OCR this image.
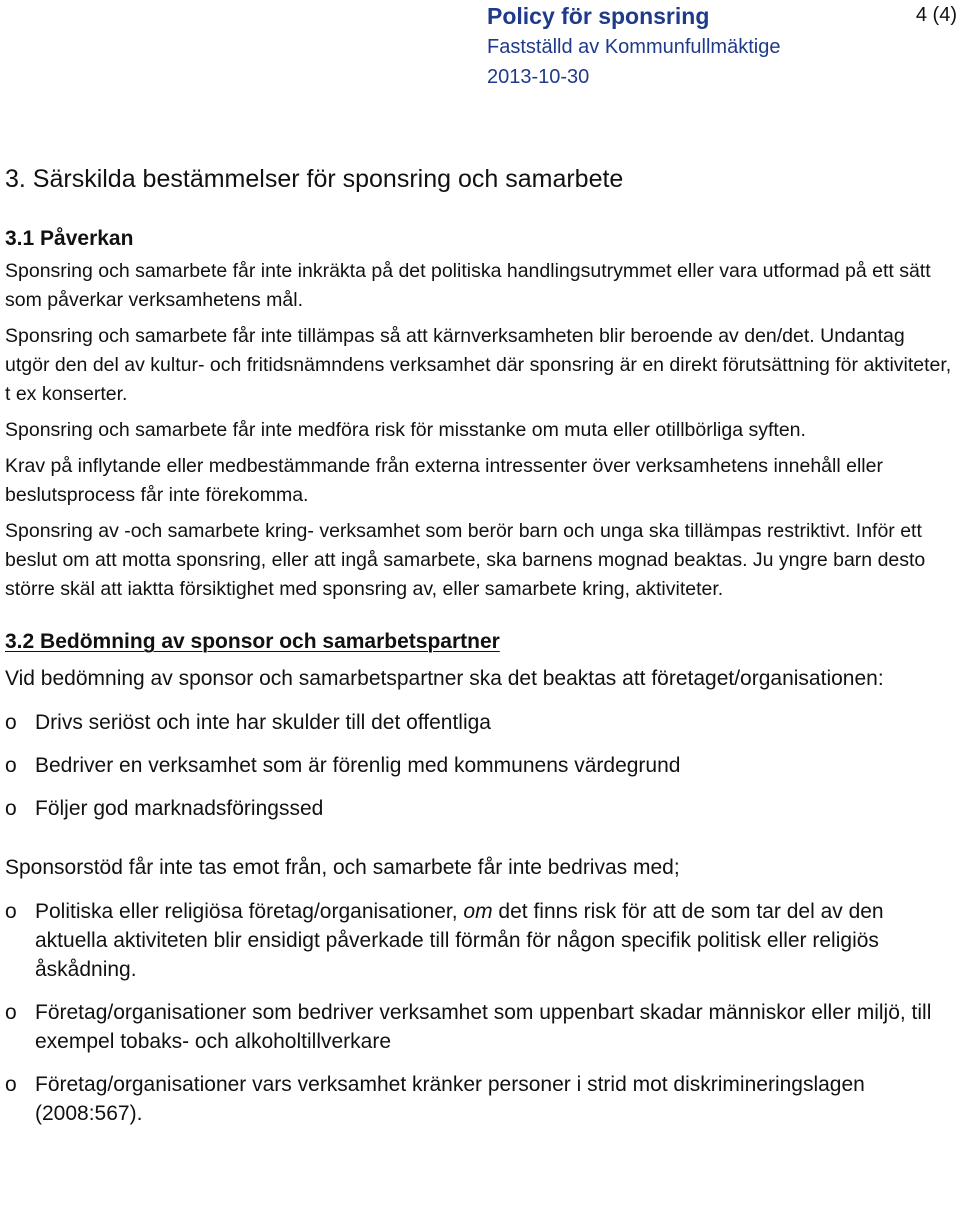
Policy för sponsring
Fastställd av Kommunfullmäktige
2013-10-30
4 (4)
3. Särskilda bestämmelser för sponsring och samarbete
3.1 Påverkan

Sponsring och samarbete får inte inkräkta på det politiska handlingsutrymmet eller vara utformad på ett sätt som påverkar verksamhetens mål.

Sponsring och samarbete får inte tillämpas så att kärnverksamheten blir beroende av den/det. Undantag utgör den del av kultur- och fritidsnämndens verksamhet där sponsring är en direkt förutsättning för aktiviteter, t ex konserter.

Sponsring och samarbete får inte medföra risk för misstanke om muta eller otillbörliga syften.

Krav på inflytande eller medbestämmande från externa intressenter över verksamhetens innehåll eller beslutsprocess får inte förekomma.

Sponsring av -och samarbete kring- verksamhet som berör barn och unga ska tillämpas restriktivt. Inför ett beslut om att motta sponsring, eller att ingå samarbete, ska barnens mognad beaktas. Ju yngre barn desto större skäl att iaktta försiktighet med sponsring av, eller samarbete kring, aktiviteter.

3.2 Bedömning av sponsor och samarbetspartner

Vid bedömning av sponsor och samarbetspartner ska det beaktas att företaget/organisationen:

o Drivs seriöst och inte har skulder till det offentliga
o Bedriver en verksamhet som är förenlig med kommunens värdegrund
o Följer god marknadsföringssed

Sponsorstöd får inte tas emot från, och samarbete får inte bedrivas med;

o Politiska eller religiösa företag/organisationer, om det finns risk för att de som tar del av den aktuella aktiviteten blir ensidigt påverkade till förmån för någon specifik politisk eller religiös åskådning.
o Företag/organisationer som bedriver verksamhet som uppenbart skadar människor eller miljö, till exempel tobaks- och alkoholtillverkare
o Företag/organisationer vars verksamhet kränker personer i strid mot diskrimineringslagen (2008:567).
